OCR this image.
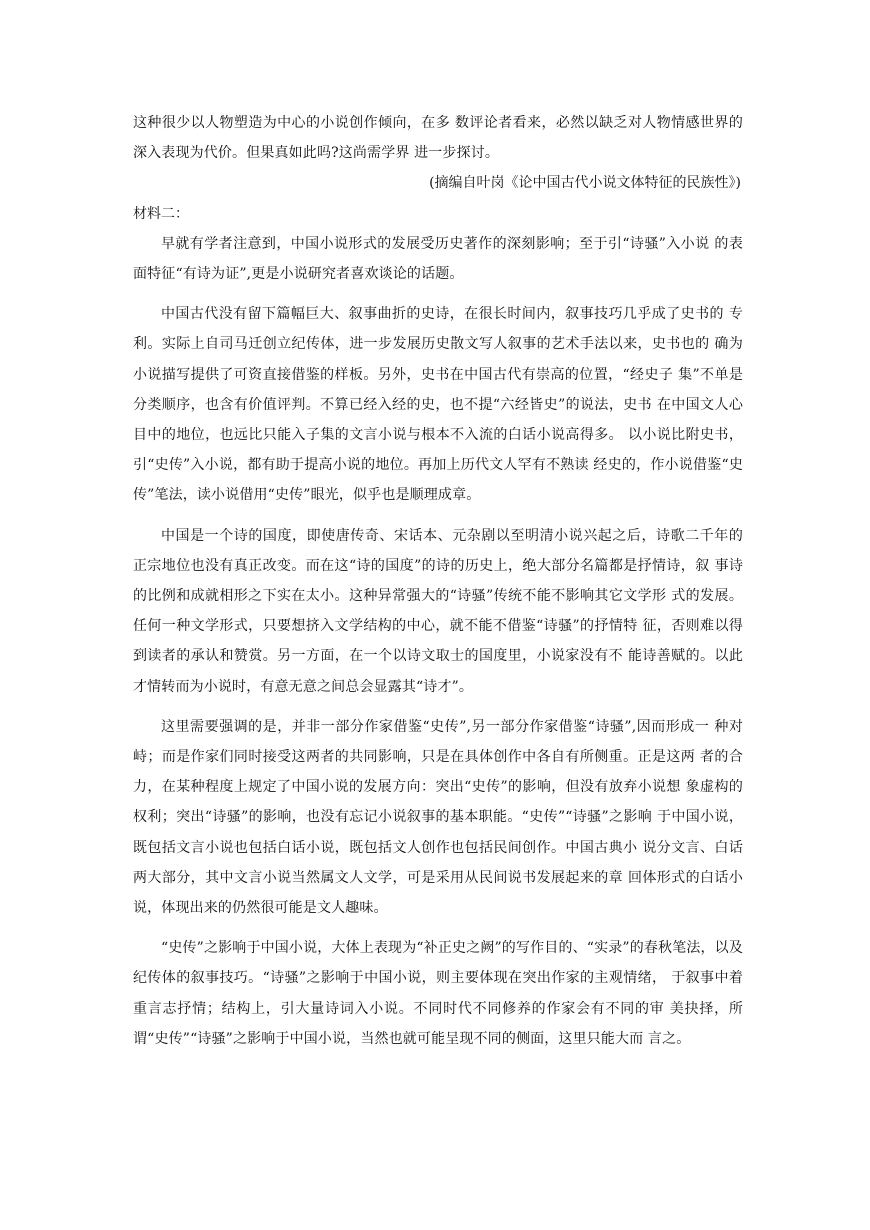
这种很少以人物塑造为中心的小说创作倾向，在多 数评论者看来，必然以缺乏对人物情感世界的深入表现为代价。但果真如此吗?这尚需学界 进一步探讨。

(摘编自叶岗《论中国古代小说文体特征的民族性》)

材料二：

早就有学者注意到，中国小说形式的发展受历史著作的深刻影响；至于引“诗骚”入小说 的表面特征“有诗为证”,更是小说研究者喜欢谈论的话题。

中国古代没有留下篇幅巨大、叙事曲折的史诗，在很长时间内，叙事技巧几乎成了史书的 专利。实际上自司马迁创立纪传体，进一步发展历史散文写人叙事的艺术手法以来，史书也的 确为小说描写提供了可资直接借鉴的样板。另外，史书在中国古代有崇高的位置，“经史子 集”不单是分类顺序，也含有价值评判。不算已经入经的史，也不提“六经皆史”的说法，史书 在中国文人心目中的地位，也远比只能入子集的文言小说与根本不入流的白话小说高得多。 以小说比附史书，引“史传”入小说，都有助于提高小说的地位。再加上历代文人罕有不熟读 经史的，作小说借鉴“史传”笔法，读小说借用“史传”眼光，似乎也是顺理成章。

中国是一个诗的国度，即使唐传奇、宋话本、元杂剧以至明清小说兴起之后，诗歌二千年的 正宗地位也没有真正改变。而在这“诗的国度”的诗的历史上，绝大部分名篇都是抒情诗，叙 事诗的比例和成就相形之下实在太小。这种异常强大的“诗骚”传统不能不影响其它文学形 式的发展。任何一种文学形式，只要想挤入文学结构的中心，就不能不借鉴“诗骚”的抒情特 征，否则难以得到读者的承认和赞赏。另一方面，在一个以诗文取士的国度里，小说家没有不 能诗善赋的。以此才情转而为小说时，有意无意之间总会显露其“诗才”。

这里需要强调的是，并非一部分作家借鉴“史传”,另一部分作家借鉴“诗骚”,因而形成一 种对峙；而是作家们同时接受这两者的共同影响，只是在具体创作中各自有所侧重。正是这两 者的合力，在某种程度上规定了中国小说的发展方向：突出“史传”的影响，但没有放弃小说想 象虚构的权利；突出“诗骚”的影响，也没有忘记小说叙事的基本职能。“史传”“诗骚”之影响 于中国小说，既包括文言小说也包括白话小说，既包括文人创作也包括民间创作。中国古典小 说分文言、白话两大部分，其中文言小说当然属文人文学，可是采用从民间说书发展起来的章 回体形式的白话小说，体现出来的仍然很可能是文人趣味。

“史传”之影响于中国小说，大体上表现为“补正史之阙”的写作目的、“实录”的春秋笔法，以及纪传体的叙事技巧。“诗骚”之影响于中国小说，则主要体现在突出作家的主观情绪， 于叙事中着重言志抒情；结构上，引大量诗词入小说。不同时代不同修养的作家会有不同的审 美抉择，所谓“史传”“诗骚”之影响于中国小说，当然也就可能呈现不同的侧面，这里只能大而 言之。
